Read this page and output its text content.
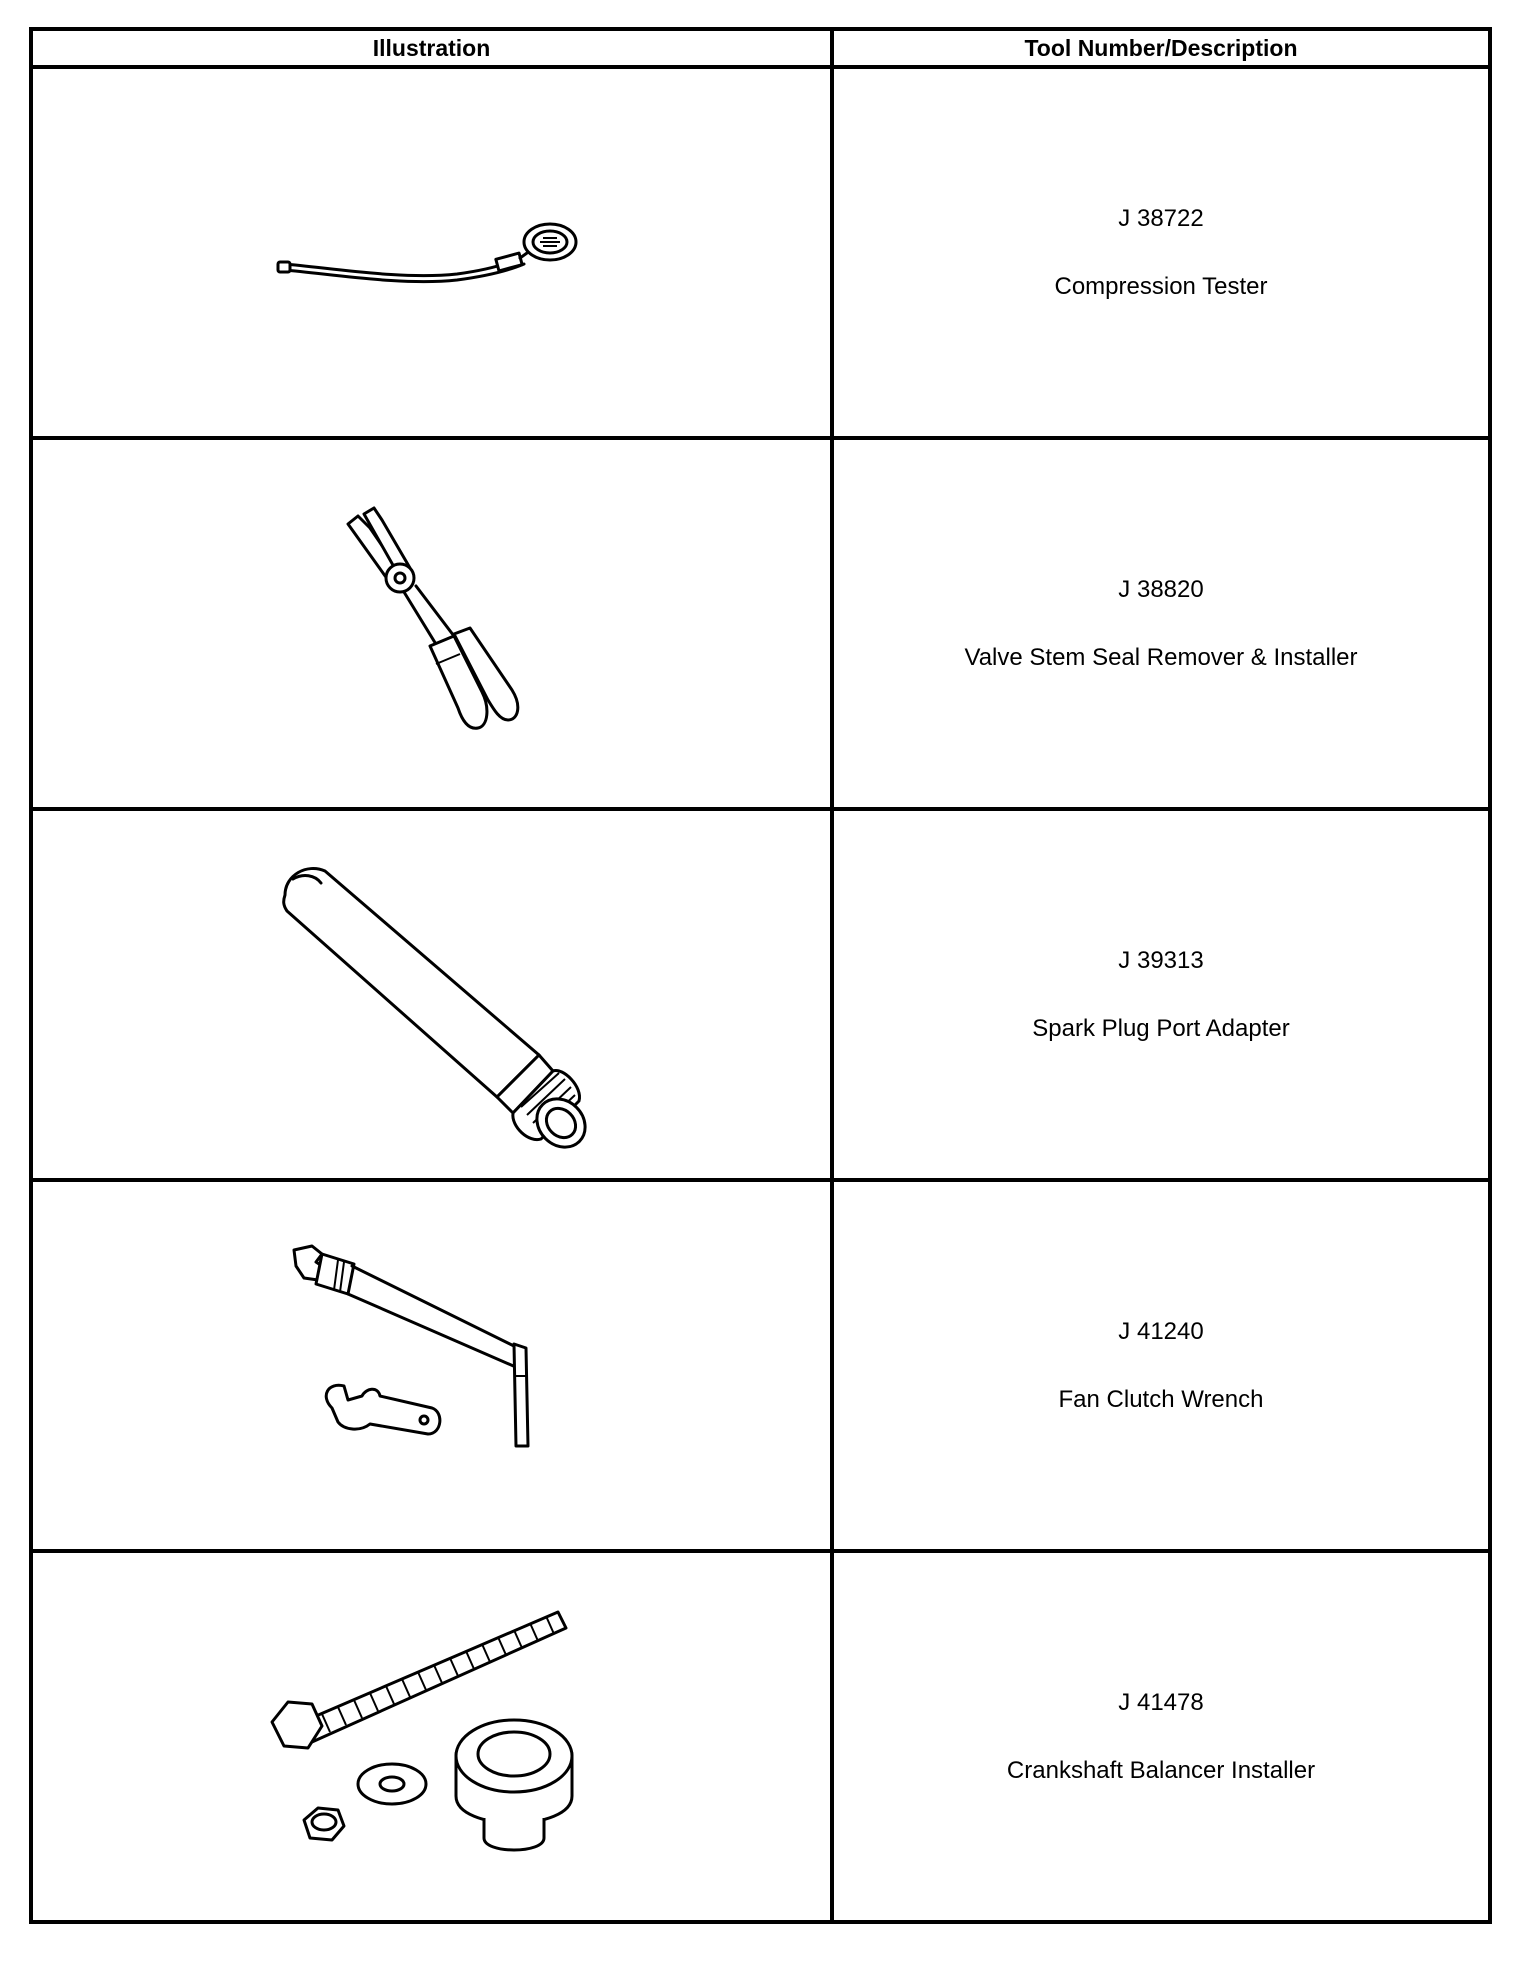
Illustration	Tool Number/Description

J 38722
Compression Tester

J 38820
Valve Stem Seal Remover & Installer

J 39313
Spark Plug Port Adapter

J 41240
Fan Clutch Wrench

J 41478
Crankshaft Balancer Installer
